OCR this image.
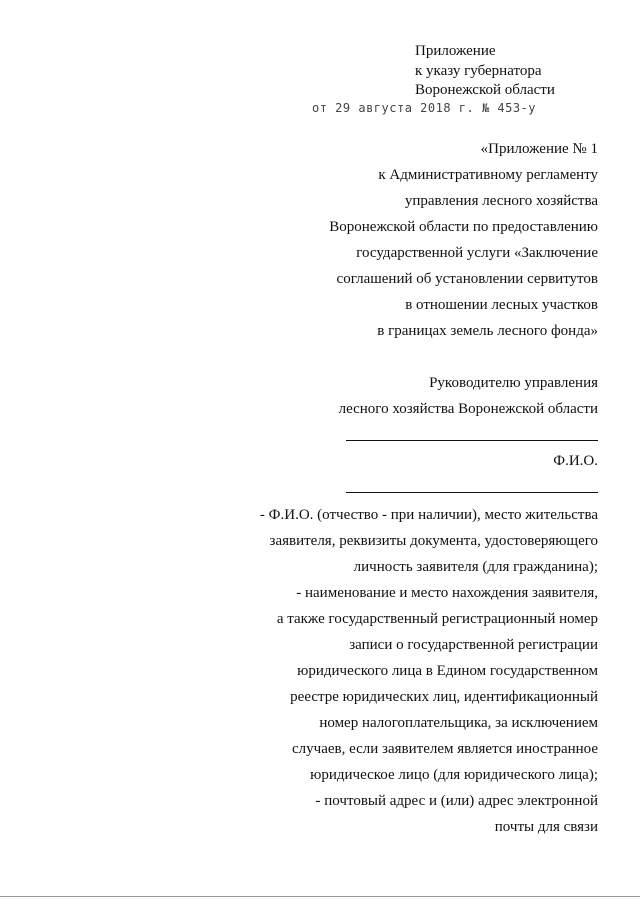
Приложение
к указу губернатора
Воронежской области
от 29 августа 2018 г. № 453-у
«Приложение № 1
к Административному регламенту
управления лесного хозяйства
Воронежской области по предоставлению
государственной услуги «Заключение
соглашений об установлении сервитутов
в отношении лесных участков
в границах земель лесного фонда»
Руководителю управления
лесного хозяйства Воронежской области
Ф.И.О.
- Ф.И.О. (отчество - при наличии), место жительства
заявителя, реквизиты документа, удостоверяющего
личность заявителя (для гражданина);
- наименование и место нахождения заявителя,
а также государственный регистрационный номер
записи о государственной регистрации
юридического лица в Едином государственном
реестре юридических лиц, идентификационный
номер налогоплательщика, за исключением
случаев, если заявителем является иностранное
юридическое лицо (для юридического лица);
- почтовый адрес и (или) адрес электронной
почты для связи
